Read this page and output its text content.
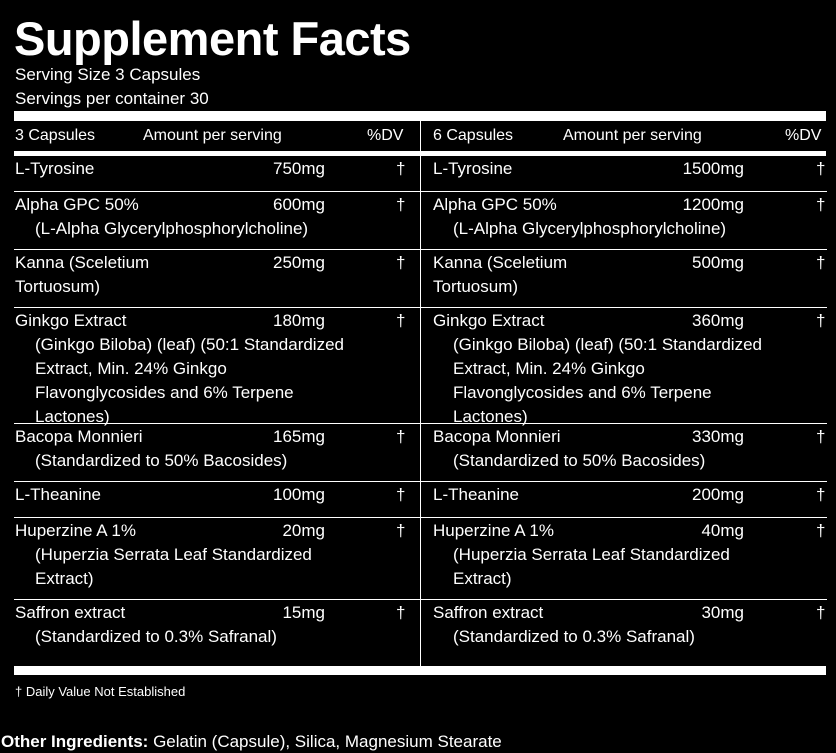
Supplement Facts
Serving Size 3 Capsules
Servings per container 30
3 Capsules	Amount per serving	%DV
L-Tyrosine	750mg	†
Alpha GPC 50%	600mg	†
(L-Alpha Glycerylphosphorylcholine)
Kanna (Sceletium
Tortuosum)
250mg	†
Ginkgo Extract	180mg	†
(Ginkgo Biloba) (leaf) (50:1 Standardized
Extract, Min. 24% Ginkgo
Flavonglycosides and 6% Terpene
Lactones)
Bacopa Monnieri	165mg	†
(Standardized to 50% Bacosides)
L-Theanine	100mg	†
Huperzine A 1%	20mg	†
(Huperzia Serrata Leaf Standardized
Extract)
Saffron extract	15mg	†
(Standardized to 0.3% Safranal)
6 Capsules	Amount per serving	%DV
L-Tyrosine	1500mg	†
Alpha GPC 50%	1200mg	†
(L-Alpha Glycerylphosphorylcholine)
Kanna (Sceletium
Tortuosum)
500mg	†
Ginkgo Extract	360mg	†
(Ginkgo Biloba) (leaf) (50:1 Standardized
Extract, Min. 24% Ginkgo
Flavonglycosides and 6% Terpene
Lactones)
Bacopa Monnieri	330mg	†
(Standardized to 50% Bacosides)
L-Theanine	200mg	†
Huperzine A 1%	40mg	†
(Huperzia Serrata Leaf Standardized
Extract)
Saffron extract	30mg	†
(Standardized to 0.3% Safranal)
† Daily Value Not Established
Other Ingredients: Gelatin (Capsule), Silica, Magnesium Stearate
